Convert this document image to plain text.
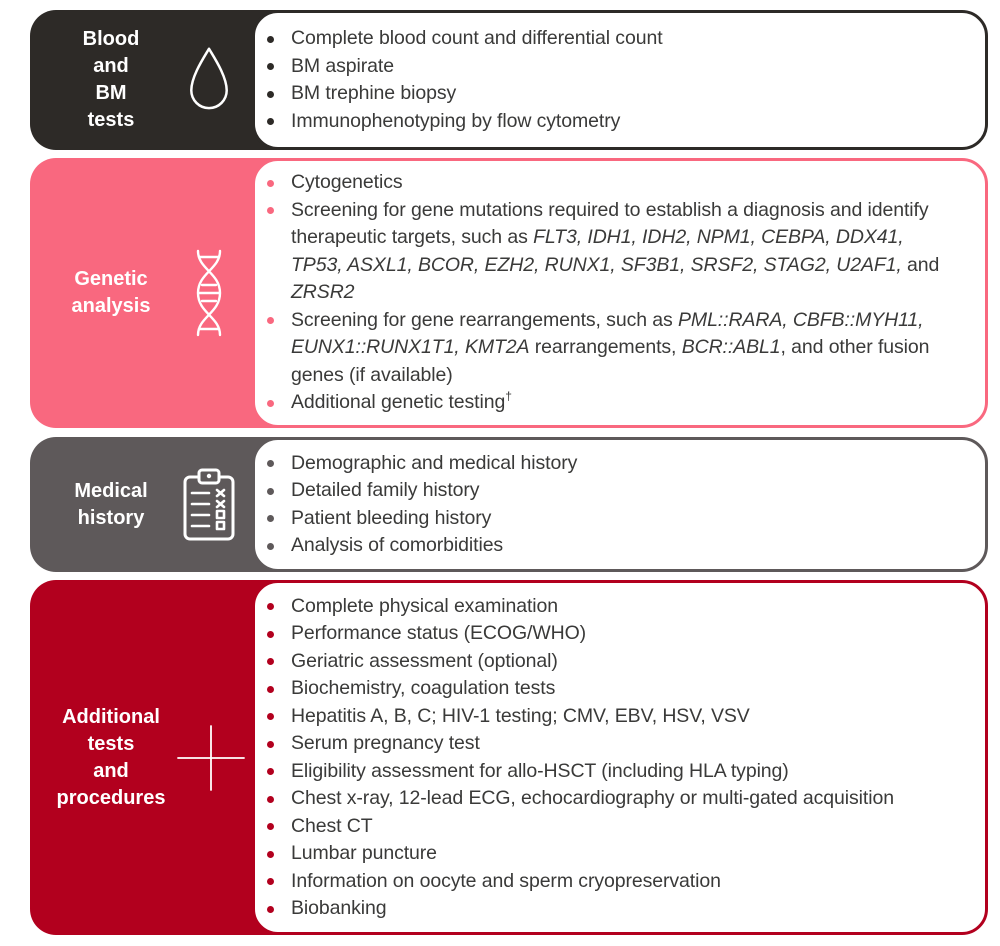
Blood
and
BM
tests
Complete blood count and differential count
BM aspirate
BM trephine biopsy
Immunophenotyping by flow cytometry
Genetic
analysis
Cytogenetics
Screening for gene mutations required to establish a diagnosis and identify therapeutic targets, such as FLT3, IDH1, IDH2, NPM1, CEBPA, DDX41, TP53, ASXL1, BCOR, EZH2, RUNX1, SF3B1, SRSF2, STAG2, U2AF1, and ZRSR2
Screening for gene rearrangements, such as PML::RARA, CBFB::MYH11, EUNX1::RUNX1T1, KMT2A rearrangements, BCR::ABL1, and other fusion genes (if available)
Additional genetic testing†
Medical
history
Demographic and medical history
Detailed family history
Patient bleeding history
Analysis of comorbidities
Additional
tests
and
procedures
Complete physical examination
Performance status (ECOG/WHO)
Geriatric assessment (optional)
Biochemistry, coagulation tests
Hepatitis A, B, C; HIV-1 testing; CMV, EBV, HSV, VSV
Serum pregnancy test
Eligibility assessment for allo-HSCT (including HLA typing)
Chest x-ray, 12-lead ECG, echocardiography or multi-gated acquisition
Chest CT
Lumbar puncture
Information on oocyte and sperm cryopreservation
Biobanking
